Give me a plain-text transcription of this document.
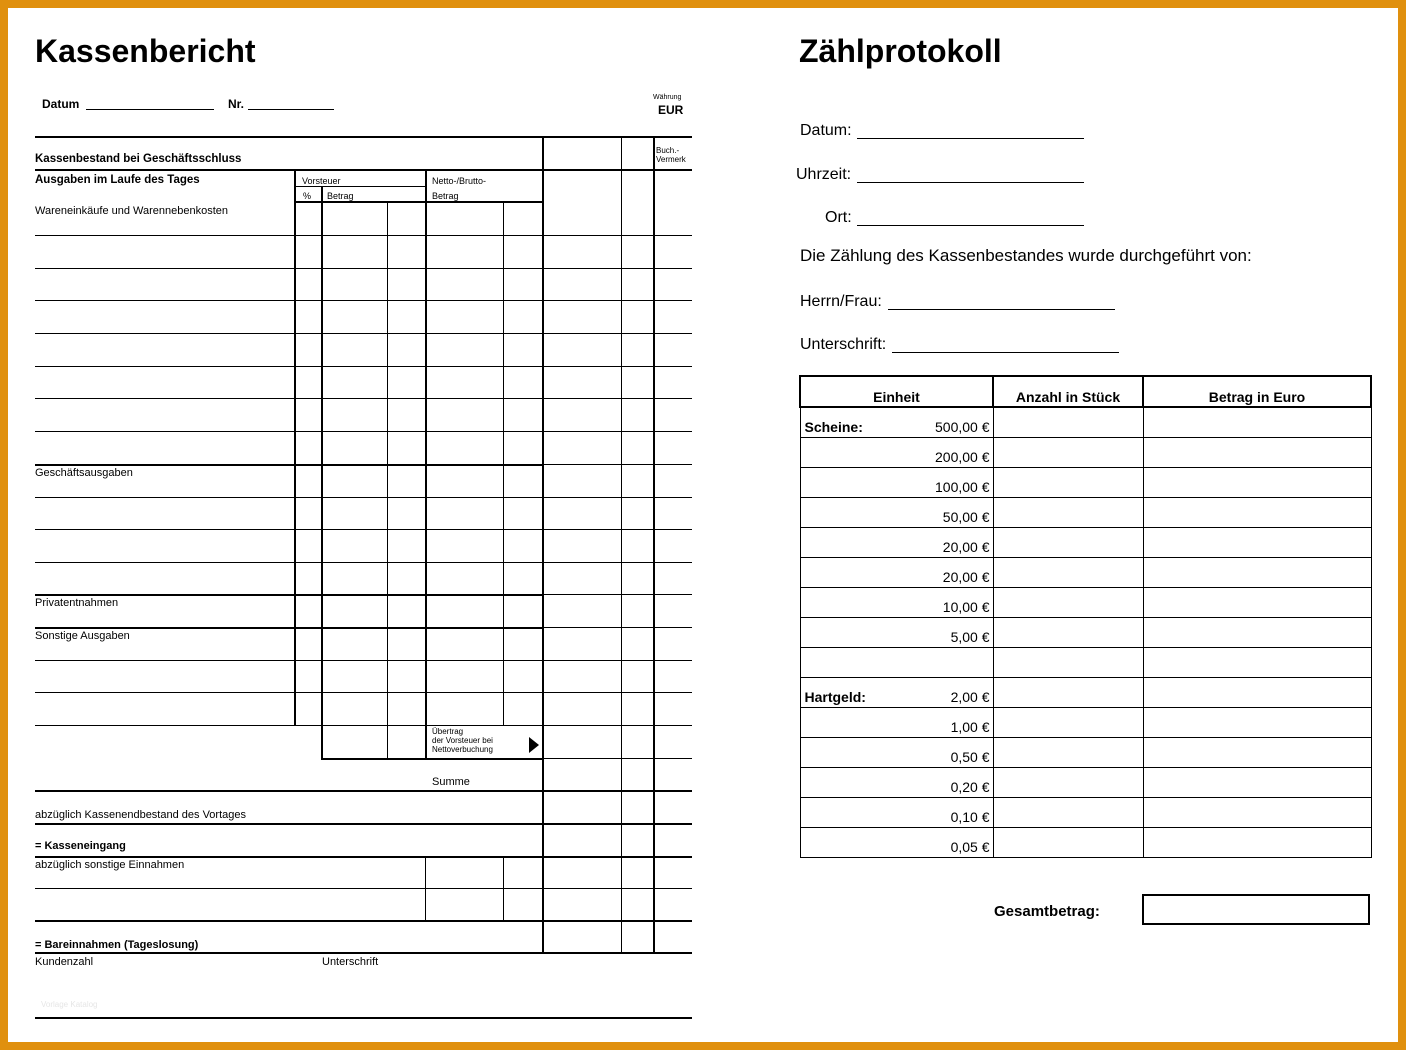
Kassenbericht
Datum	Nr.	Währung
EUR
Kassenbestand bei Geschäftsschluss
Buch.-
Vermerk
Ausgaben im Laufe des Tages	Vorsteuer	Netto-/Brutto-
% Betrag	Betrag
Wareneinkäufe und Warennebenkosten
Geschäftsausgaben
Privatentnahmen
Sonstige Ausgaben
Übertrag
der Vorsteuer bei
Nettoverbuchung
Summe
abzüglich Kassenendbestand des Vortages
= Kasseneingang
abzüglich sonstige Einnahmen
= Bareinnahmen (Tageslosung)
Kundenzahl	Unterschrift
Vorlage Katalog
Zählprotokoll
Datum:
Uhrzeit:
Ort:
Die Zählung des Kassenbestandes wurde durchgeführt von:
Herrn/Frau:
Unterschrift:
Einheit	Anzahl in Stück	Betrag in Euro

Scheine: 500,00 €		

200,00 €		

100,00 €		

50,00 €		

20,00 €		

20,00 €		

10,00 €		

5,00 €		

Hartgeld: 2,00 €		

1,00 €		

0,50 €		

0,20 €		

0,10 €		

0,05 €		

Gesamtbetrag:
